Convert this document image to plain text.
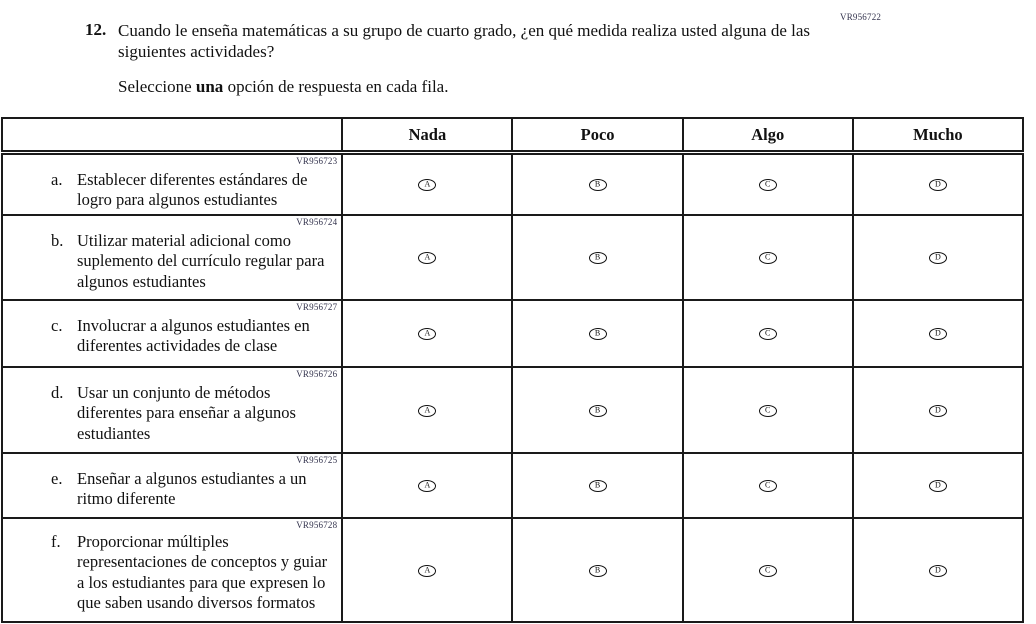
VR956722
12. Cuando le enseña matemáticas a su grupo de cuarto grado, ¿en qué medida realiza usted alguna de las siguientes actividades?

Seleccione una opción de respuesta en cada fila.

	Nada	Poco	Algo	Mucho

VR956723
a. Establecer diferentes estándares de logro para algunos estudiantes	A	B	C	D

VR956724
b. Utilizar material adicional como suplemento del currículo regular para algunos estudiantes	A	B	C	D

VR956727
c. Involucrar a algunos estudiantes en diferentes actividades de clase	A	B	C	D

VR956726
d. Usar un conjunto de métodos diferentes para enseñar a algunos estudiantes	A	B	C	D

VR956725
e. Enseñar a algunos estudiantes a un ritmo diferente	A	B	C	D

VR956728
f. Proporcionar múltiples representaciones de conceptos y guiar a los estudiantes para que expresen lo que saben usando diversos formatos	A	B	C	D
